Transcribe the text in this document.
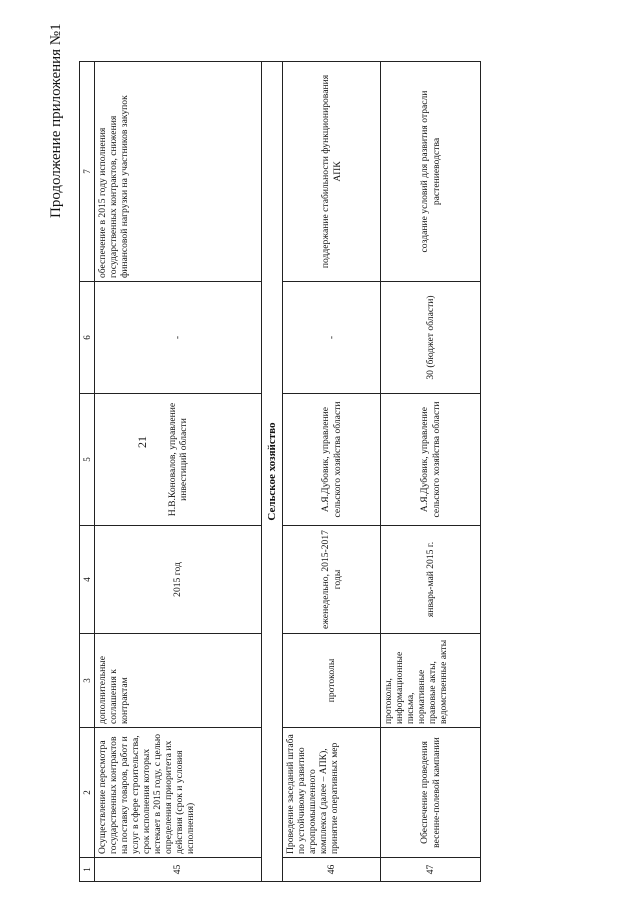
Продолжение приложения №1
21
1	2	3	4	5	6	7
45	Осуществление пересмотра государственных контрактов на поставку товаров, работ и услуг в сфере строительства, срок исполнения которых истекает в 2015 году, с целью определения приоритета их действия (срок и условия исполнения)	дополнительные соглашения к контрактам	2015 год	Н.В.Коновалов, управление инвестиций области	-	обеспечение в 2015 году исполнения государственных контрактов, снижения финансовой нагрузки на участников закупок
Сельское хозяйство						
46	Проведение заседаний штаба по устойчивому развитию агропромышленного комплекса (далее – АПК), принятие оперативных мер	протоколы	еженедельно, 2015-2017 годы	А.Я.Дубовик, управление сельского хозяйства области	-	поддержание стабильности функционирования АПК
47	Обеспечение проведения весенне-полевой кампании	протоколы, информационные письма, нормативные правовые акты, ведомственные акты	январь-май 2015 г.	А.Я.Дубовик, управление сельского хозяйства области	30 (бюджет области)	создание условий для развития отрасли растениеводства
